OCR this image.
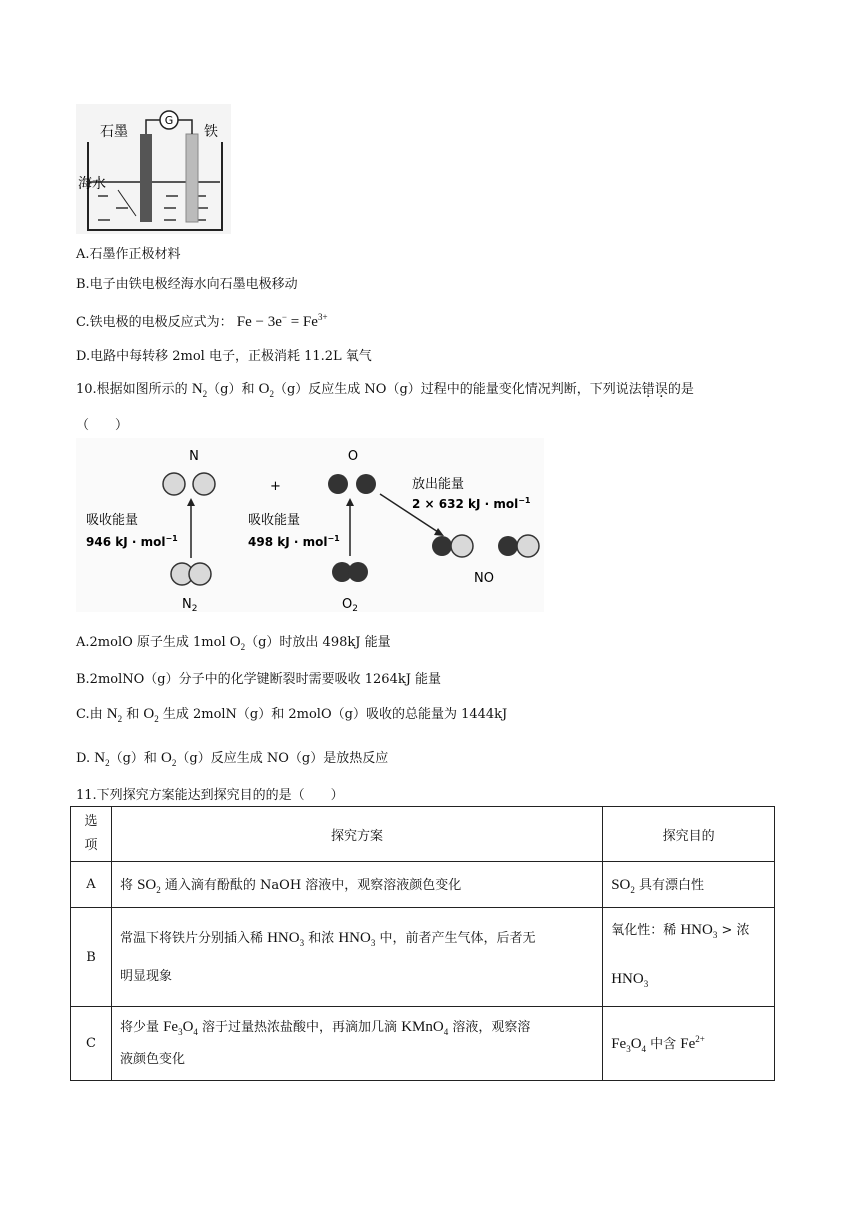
G
石墨	铁
海水
A.石墨作正极材料
B.电子由铁电极经海水向石墨电极移动
C.铁电极的电极反应式为： $Fe - 3e^- = Fe^{3+}$
D.电路中每转移 2mol 电子，正极消耗 11.2L 氧气
10.根据如图所示的 $N_2(g)$和 $O_2(g)$反应生成 NO（g）过程中的能量变化情况判断，下列说法错误的是
（　　）
N
+
O
$N_2$	$O_2$
吸收能量
946 kJ · mol$^{-1}$
吸收能量
498 kJ · mol$^{-1}$
放出能量
2 × 632 kJ · mol$^{-1}$
NO
A.2molO 原子生成 1mol $O_2(g)$时放出 498kJ 能量
B.2molNO（g）分子中的化学键断裂时需要吸收 1264kJ 能量
C.由 $N_2$ 和 $O_2$ 生成 2molN（g）和 2molO（g）吸收的总能量为 1444kJ
D. $N_2(g)$和 $O_2(g)$反应生成 NO（g）是放热反应
11.下列探究方案能达到探究目的的是（　　）
选
项	探究方案	探究目的
A	将 $SO_2$ 通入滴有酚酞的 NaOH 溶液中，观察溶液颜色变化	$SO_2$ 具有漂白性
B	常温下将铁片分别插入稀 $HNO_3$ 和浓 $HNO_3$ 中，前者产生气体，后者无
明显现象	氧化性：稀 $HNO_3$ > 浓
$HNO_3$
C	将少量 $Fe_3O_4$ 溶于过量热浓盐酸中，再滴加几滴 KMnO$_4$ 溶液，观察溶
液颜色变化	$Fe_3O_4$ 中含 $Fe^{2+}$
